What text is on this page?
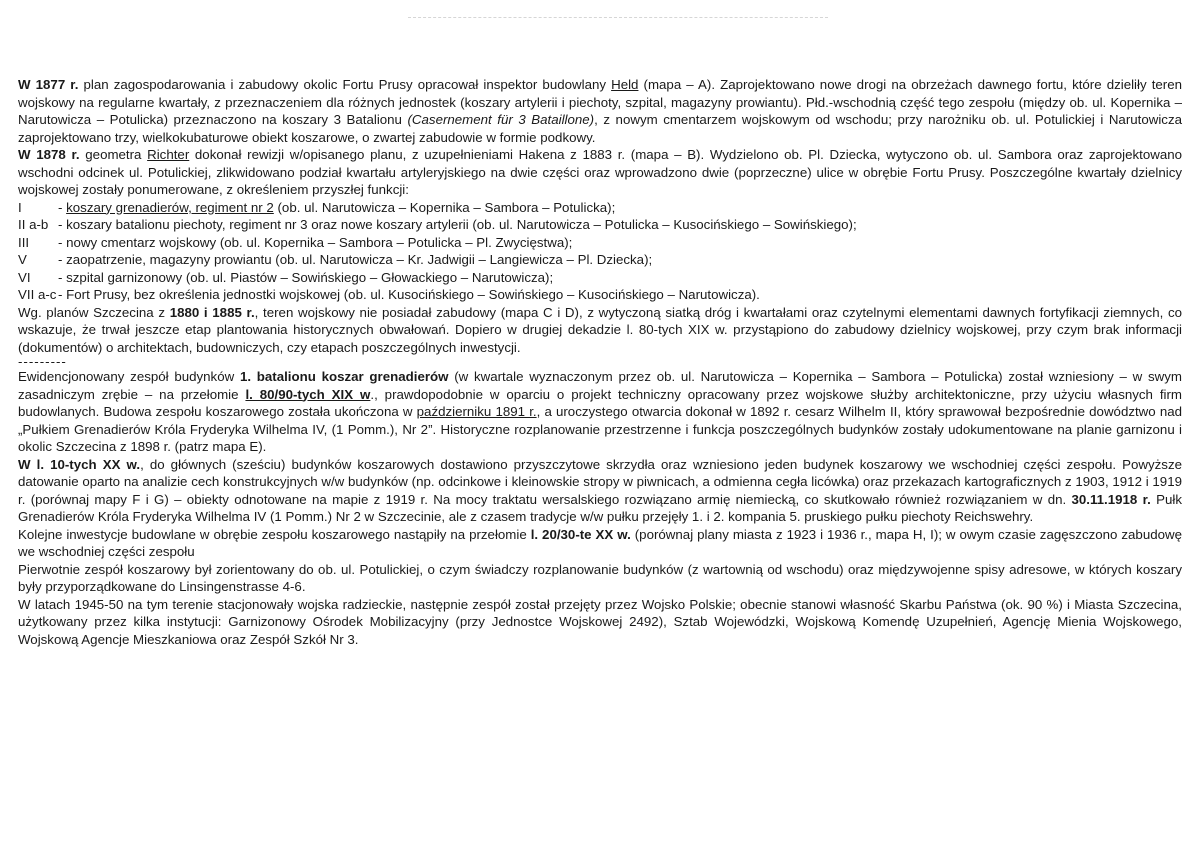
W 1877 r. plan zagospodarowania i zabudowy okolic Fortu Prusy opracował inspektor budowlany Held (mapa – A). Zaprojektowano nowe drogi na obrzeżach dawnego fortu, które dzieliły teren wojskowy na regularne kwartały, z przeznaczeniem dla różnych jednostek (koszary artylerii i piechoty, szpital, magazyny prowiantu). Płd.-wschodnią część tego zespołu (między ob. ul. Kopernika – Narutowicza – Potulicka) przeznaczono na koszary 3 Batalionu (Casernement für 3 Bataillone), z nowym cmentarzem wojskowym od wschodu; przy narożniku ob. ul. Potulickiej i Narutowicza zaprojektowano trzy, wielkokubaturowe obiekt koszarowe, o zwartej zabudowie w formie podkowy.

W 1878 r. geometra Richter dokonał rewizji w/opisanego planu, z uzupełnieniami Hakena z 1883 r. (mapa – B). Wydzielono ob. Pl. Dziecka, wytyczono ob. ul. Sambora oraz zaprojektowano wschodni odcinek ul. Potulickiej, zlikwidowano podział kwartału artyleryjskiego na dwie części oraz wprowadzono dwie (poprzeczne) ulice w obrębie Fortu Prusy. Poszczególne kwartały dzielnicy wojskowej zostały ponumerowane, z określeniem przyszłej funkcji:

I	- koszary grenadierów, regiment nr 2 (ob. ul. Narutowicza – Kopernika – Sambora – Potulicka);
II a-b - koszary batalionu piechoty, regiment nr 3 oraz nowe koszary artylerii (ob. ul. Narutowicza – Potulicka – Kusocińskiego – Sowińskiego);
III	- nowy cmentarz wojskowy (ob. ul. Kopernika – Sambora – Potulicka – Pl. Zwycięstwa);
V	- zaopatrzenie, magazyny prowiantu (ob. ul. Narutowicza – Kr. Jadwigii – Langiewicza – Pl. Dziecka);
VI	- szpital garnizonowy (ob. ul. Piastów – Sowińskiego – Głowackiego – Narutowicza);
VII a-c - Fort Prusy, bez określenia jednostki wojskowej (ob. ul. Kusocińskiego – Sowińskiego – Kusocińskiego – Narutowicza).

Wg. planów Szczecina z 1880 i 1885 r., teren wojskowy nie posiadał zabudowy (mapa C i D), z wytyczoną siatką dróg i kwartałami oraz czytelnymi elementami dawnych fortyfikacji ziemnych, co wskazuje, że trwał jeszcze etap plantowania historycznych obwałowań. Dopiero w drugiej dekadzie l. 80-tych XIX w. przystąpiono do zabudowy dzielnicy wojskowej, przy czym brak informacji (dokumentów) o architektach, budowniczych, czy etapach poszczególnych inwestycji.

---------

Ewidencjonowany zespół budynków 1. batalionu koszar grenadierów (w kwartale wyznaczonym przez ob. ul. Narutowicza – Kopernika – Sambora – Potulicka) został wzniesiony – w swym zasadniczym zrębie – na przełomie l. 80/90-tych XIX w., prawdopodobnie w oparciu o projekt techniczny opracowany przez wojskowe służby architektoniczne, przy użyciu własnych firm budowlanych. Budowa zespołu koszarowego została ukończona w październiku 1891 r., a uroczystego otwarcia dokonał w 1892 r. cesarz Wilhelm II, który sprawował bezpośrednie dowództwo nad „Pułkiem Grenadierów Króla Fryderyka Wilhelma IV, (1 Pomm.), Nr 2”. Historyczne rozplanowanie przestrzenne i funkcja poszczególnych budynków zostały udokumentowane na planie garnizonu i okolic Szczecina z 1898 r. (patrz mapa E).

W l. 10-tych XX w., do głównych (sześciu) budynków koszarowych dostawiono przyszczytowe skrzydła oraz wzniesiono jeden budynek koszarowy we wschodniej części zespołu. Powyższe datowanie oparto na analizie cech konstrukcyjnych w/w budynków (np. odcinkowe i kleinowskie stropy w piwnicach, a odmienna cegła licówka) oraz przekazach kartograficznych z 1903, 1912 i 1919 r. (porównaj mapy F i G) – obiekty odnotowane na mapie z 1919 r. Na mocy traktatu wersalskiego rozwiązano armię niemiecką, co skutkowało również rozwiązaniem w dn. 30.11.1918 r. Pułk Grenadierów Króla Fryderyka Wilhelma IV (1 Pomm.) Nr 2 w Szczecinie, ale z czasem tradycje w/w pułku przejęły 1. i 2. kompania 5. pruskiego pułku piechoty Reichswehry.

Kolejne inwestycje budowlane w obrębie zespołu koszarowego nastąpiły na przełomie l. 20/30-te XX w. (porównaj plany miasta z 1923 i 1936 r., mapa H, I); w owym czasie zagęszczono zabudowę we wschodniej części zespołu

Pierwotnie zespół koszarowy był zorientowany do ob. ul. Potulickiej, o czym świadczy rozplanowanie budynków (z wartownią od wschodu) oraz międzywojenne spisy adresowe, w których koszary były przyporządkowane do Linsingenstrasse 4-6.

W latach 1945-50 na tym terenie stacjonowały wojska radzieckie, następnie zespół został przejęty przez Wojsko Polskie; obecnie stanowi własność Skarbu Państwa (ok. 90 %) i Miasta Szczecina, użytkowany przez kilka instytucji: Garnizonowy Ośrodek Mobilizacyjny (przy Jednostce Wojskowej 2492), Sztab Wojewódzki, Wojskową Komendę Uzupełnień, Agencję Mienia Wojskowego, Wojskową Agencje Mieszkaniowa oraz Zespół Szkół Nr 3.
